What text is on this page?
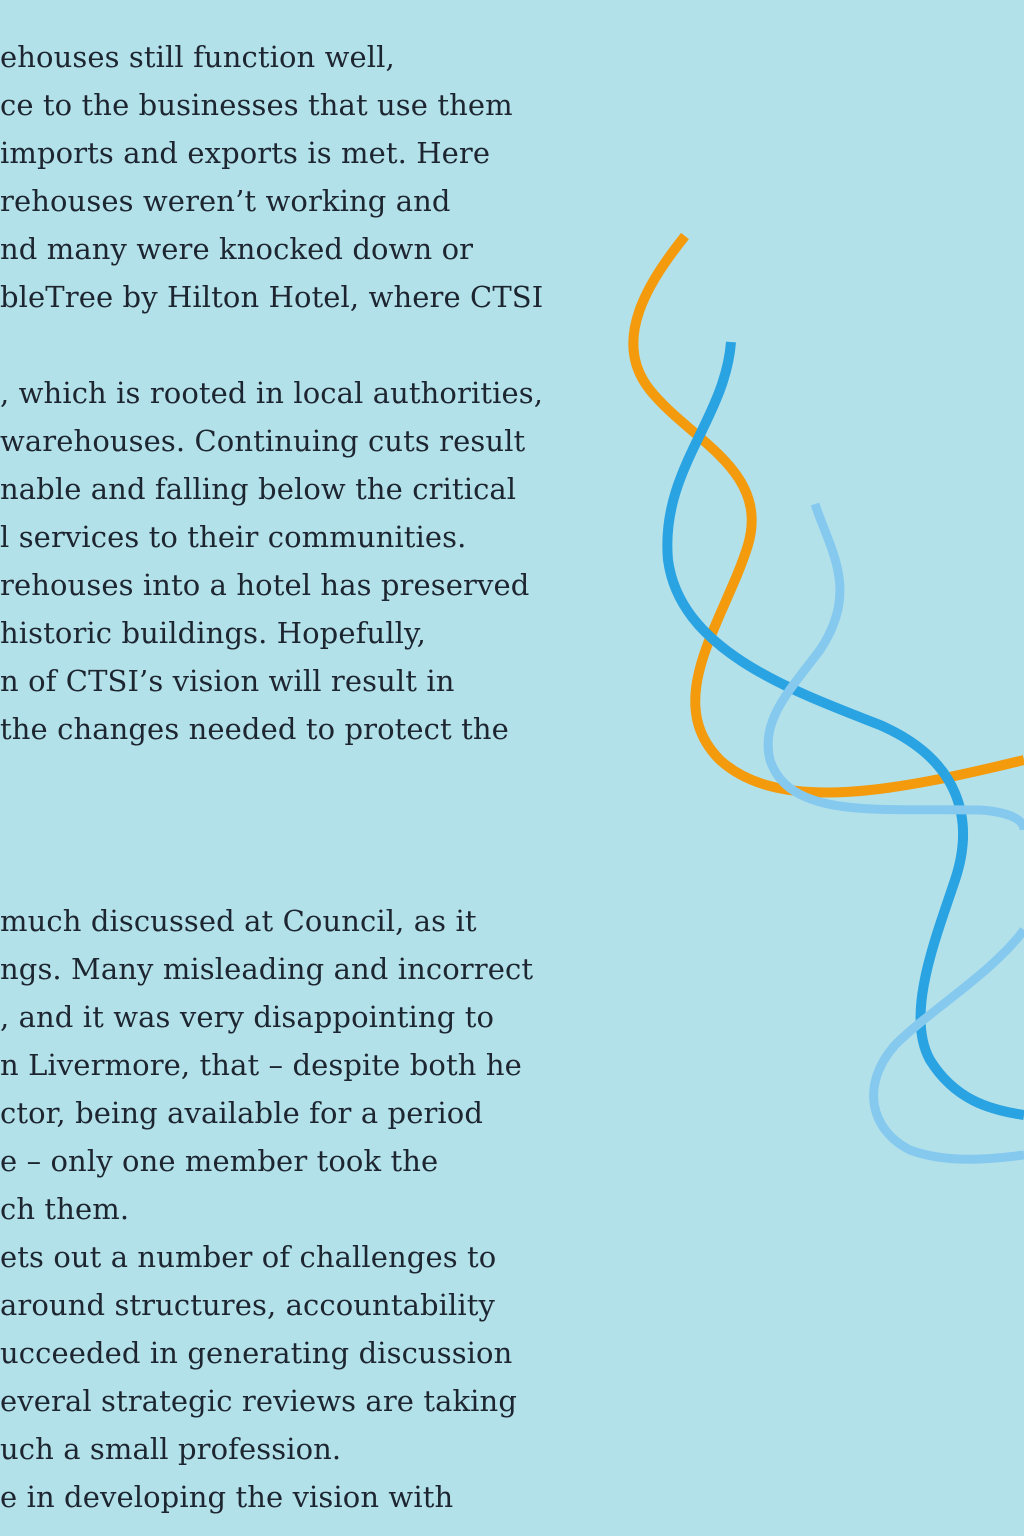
ehouses still function well,
ce to the businesses that use them
imports and exports is met. Here
rehouses weren’t working and
nd many were knocked down or
bleTree by Hilton Hotel, where CTSI
, which is rooted in local authorities,
warehouses. Continuing cuts result
nable and falling below the critical
l services to their communities.
rehouses into a hotel has preserved
historic buildings. Hopefully,
n of CTSI’s vision will result in
the changes needed to protect the
much discussed at Council, as it
ngs. Many misleading and incorrect
, and it was very disappointing to
n Livermore, that – despite both he
ctor, being available for a period
e – only one member took the
ch them.
ets out a number of challenges to
around structures, accountability
ucceeded in generating discussion
everal strategic reviews are taking
uch a small profession.
e in developing the vision with
